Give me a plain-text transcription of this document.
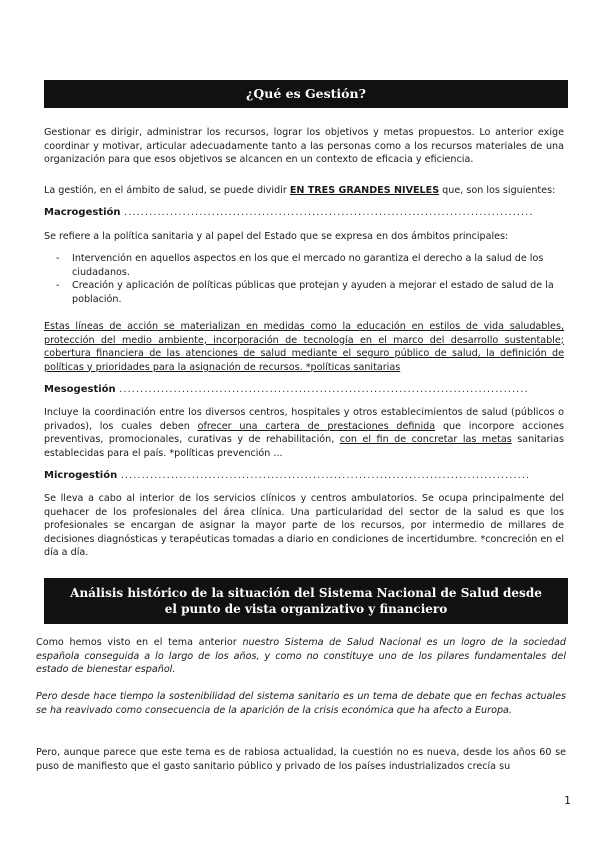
¿Qué es Gestión?

Gestionar es dirigir, administrar los recursos, lograr los objetivos y metas propuestos. Lo anterior exige coordinar y motivar, articular adecuadamente tanto a las personas como a los recursos materiales de una organización para que esos objetivos se alcancen en un contexto de eficacia y eficiencia.

La gestión, en el ámbito de salud, se puede dividir EN TRES GRANDES NIVELES que, son los siguientes:

Macrogestión ..................................................................................................

Se refiere a la política sanitaria y al papel del Estado que se expresa en dos ámbitos principales:

- Intervención en aquellos aspectos en los que el mercado no garantiza el derecho a la salud de los ciudadanos.
- Creación y aplicación de políticas públicas que protejan y ayuden a mejorar el estado de salud de la población.

Estas líneas de acción se materializan en medidas como la educación en estilos de vida saludables, protección del medio ambiente, incorporación de tecnología en el marco del desarrollo sustentable; cobertura financiera de las atenciones de salud mediante el seguro público de salud, la definición de políticas y prioridades para la asignación de recursos. *políticas sanitarias

Mesogestión ..................................................................................................

Incluye la coordinación entre los diversos centros, hospitales y otros establecimientos de salud (públicos o privados), los cuales deben ofrecer una cartera de prestaciones definida que incorpore acciones preventivas, promocionales, curativas y de rehabilitación, con el fin de concretar las metas sanitarias establecidas para el país. *políticas prevención ...

Microgestión ..................................................................................................

Se lleva a cabo al interior de los servicios clínicos y centros ambulatorios. Se ocupa principalmente del quehacer de los profesionales del área clínica. Una particularidad del sector de la salud es que los profesionales se encargan de asignar la mayor parte de los recursos, por intermedio de millares de decisiones diagnósticas y terapéuticas tomadas a diario en condiciones de incertidumbre. *concreción en el día a día.

Análisis histórico de la situación del Sistema Nacional de Salud desde
el punto de vista organizativo y financiero

Como hemos visto en el tema anterior nuestro Sistema de Salud Nacional es un logro de la sociedad española conseguida a lo largo de los años, y como no constituye uno de los pilares fundamentales del estado de bienestar español.

Pero desde hace tiempo la sostenibilidad del sistema sanitario es un tema de debate que en fechas actuales se ha reavivado como consecuencia de la aparición de la crisis económica que ha afecto a Europa.

Pero, aunque parece que este tema es de rabiosa actualidad, la cuestión no es nueva, desde los años 60 se puso de manifiesto que el gasto sanitario público y privado de los países industrializados crecía su

1
